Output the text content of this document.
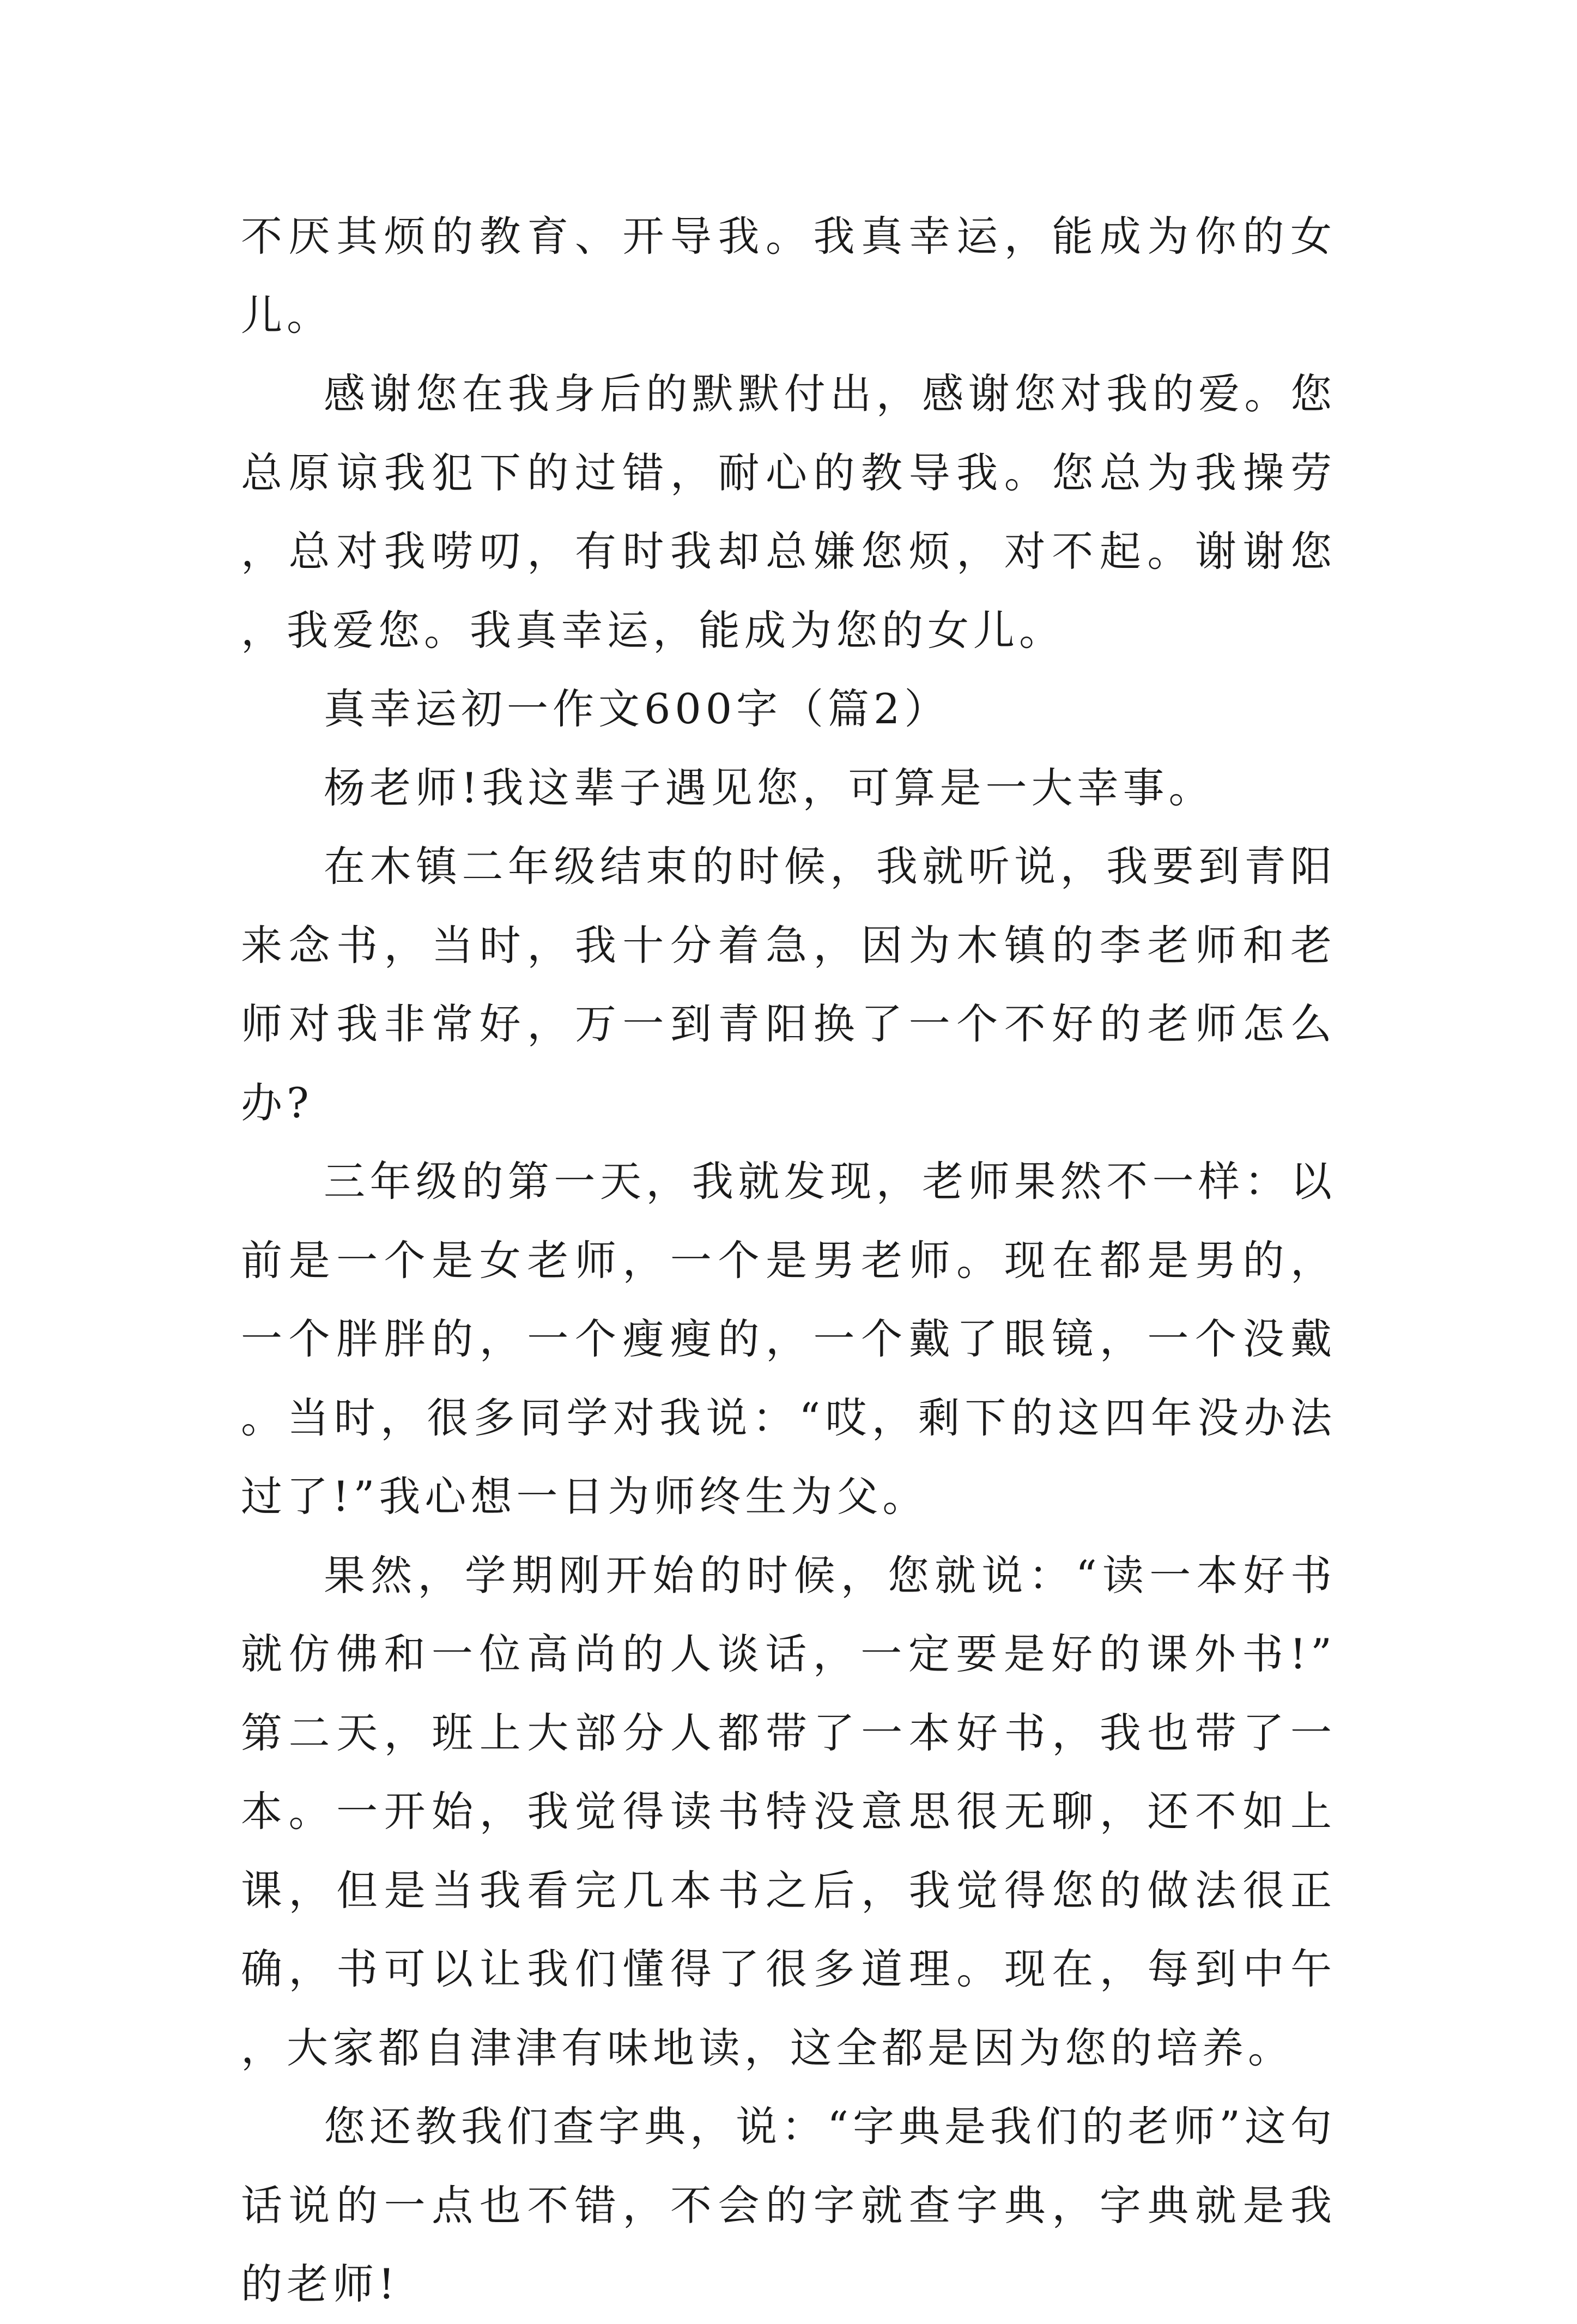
不厌其烦的教育、开导我。我真幸运，能成为你的女儿。

感谢您在我身后的默默付出，感谢您对我的爱。您总原谅我犯下的过错，耐心的教导我。您总为我操劳，总对我唠叨，有时我却总嫌您烦，对不起。谢谢您，我爱您。我真幸运，能成为您的女儿。

真幸运初一作文600字（篇2）

杨老师!我这辈子遇见您，可算是一大幸事。

在木镇二年级结束的时候，我就听说，我要到青阳来念书，当时，我十分着急，因为木镇的李老师和老师对我非常好，万一到青阳换了一个不好的老师怎么办?

三年级的第一天，我就发现，老师果然不一样：以前是一个是女老师，一个是男老师。现在都是男的，一个胖胖的，一个瘦瘦的，一个戴了眼镜，一个没戴。当时，很多同学对我说：“哎，剩下的这四年没办法过了!”我心想一日为师终生为父。

果然，学期刚开始的时候，您就说：“读一本好书就仿佛和一位高尚的人谈话，一定要是好的课外书!”第二天，班上大部分人都带了一本好书，我也带了一本。一开始，我觉得读书特没意思很无聊，还不如上课，但是当我看完几本书之后，我觉得您的做法很正确，书可以让我们懂得了很多道理。现在，每到中午，大家都自津津有味地读，这全都是因为您的培养。

您还教我们查字典，说：“字典是我们的老师”这句话说的一点也不错，不会的字就查字典，字典就是我的老师!
